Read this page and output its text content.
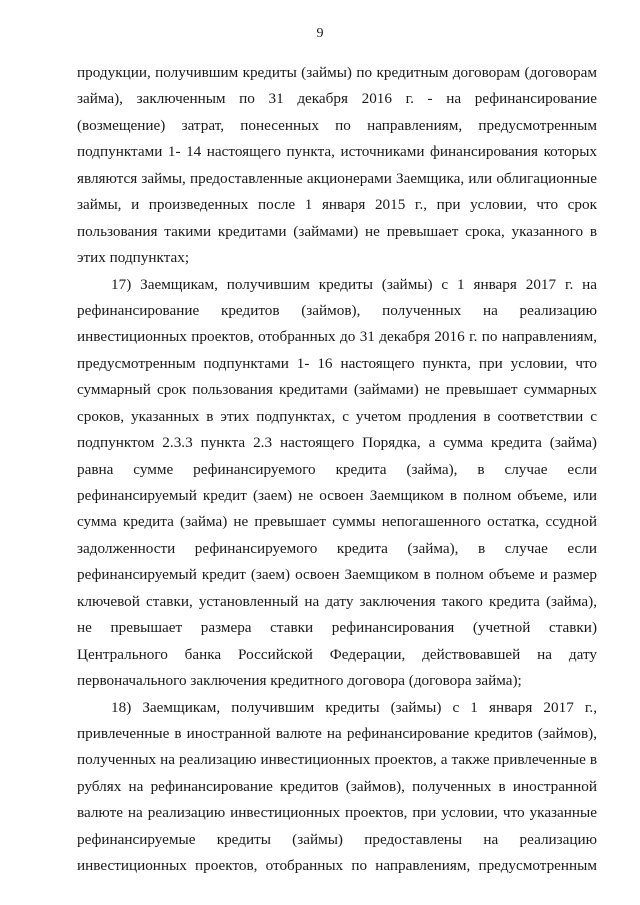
9
продукции, получившим кредиты (займы) по кредитным договорам (договорам
займа), заключенным по 31 декабря 2016 г. - на рефинансирование
(возмещение) затрат, понесенных по направлениям, предусмотренным
подпунктами 1- 14 настоящего пункта, источниками финансирования которых
являются займы, предоставленные акционерами Заемщика, или облигационные
займы, и произведенных после 1 января 2015 г., при условии, что срок
пользования такими кредитами (займами) не превышает срока, указанного в
этих подпунктах;
17) Заемщикам, получившим кредиты (займы) с 1 января 2017 г. на
рефинансирование кредитов (займов), полученных на реализацию
инвестиционных проектов, отобранных до 31 декабря 2016 г. по направлениям,
предусмотренным подпунктами 1- 16 настоящего пункта, при условии, что
суммарный срок пользования кредитами (займами) не превышает суммарных
сроков, указанных в этих подпунктах, с учетом продления в соответствии с
подпунктом 2.3.3 пункта 2.3 настоящего Порядка, а сумма кредита (займа)
равна сумме рефинансируемого кредита (займа), в случае если
рефинансируемый кредит (заем) не освоен Заемщиком в полном объеме, или
сумма кредита (займа) не превышает суммы непогашенного остатка, ссудной
задолженности рефинансируемого кредита (займа), в случае если
рефинансируемый кредит (заем) освоен Заемщиком в полном объеме и размер
ключевой ставки, установленный на дату заключения такого кредита (займа),
не превышает размера ставки рефинансирования (учетной ставки)
Центрального банка Российской Федерации, действовавшей на дату
первоначального заключения кредитного договора (договора займа);
18) Заемщикам, получившим кредиты (займы) с 1 января 2017 г.,
привлеченные в иностранной валюте на рефинансирование кредитов (займов),
полученных на реализацию инвестиционных проектов, а также привлеченные в
рублях на рефинансирование кредитов (займов), полученных в иностранной
валюте на реализацию инвестиционных проектов, при условии, что указанные
рефинансируемые кредиты (займы) предоставлены на реализацию
инвестиционных проектов, отобранных по направлениям, предусмотренным
